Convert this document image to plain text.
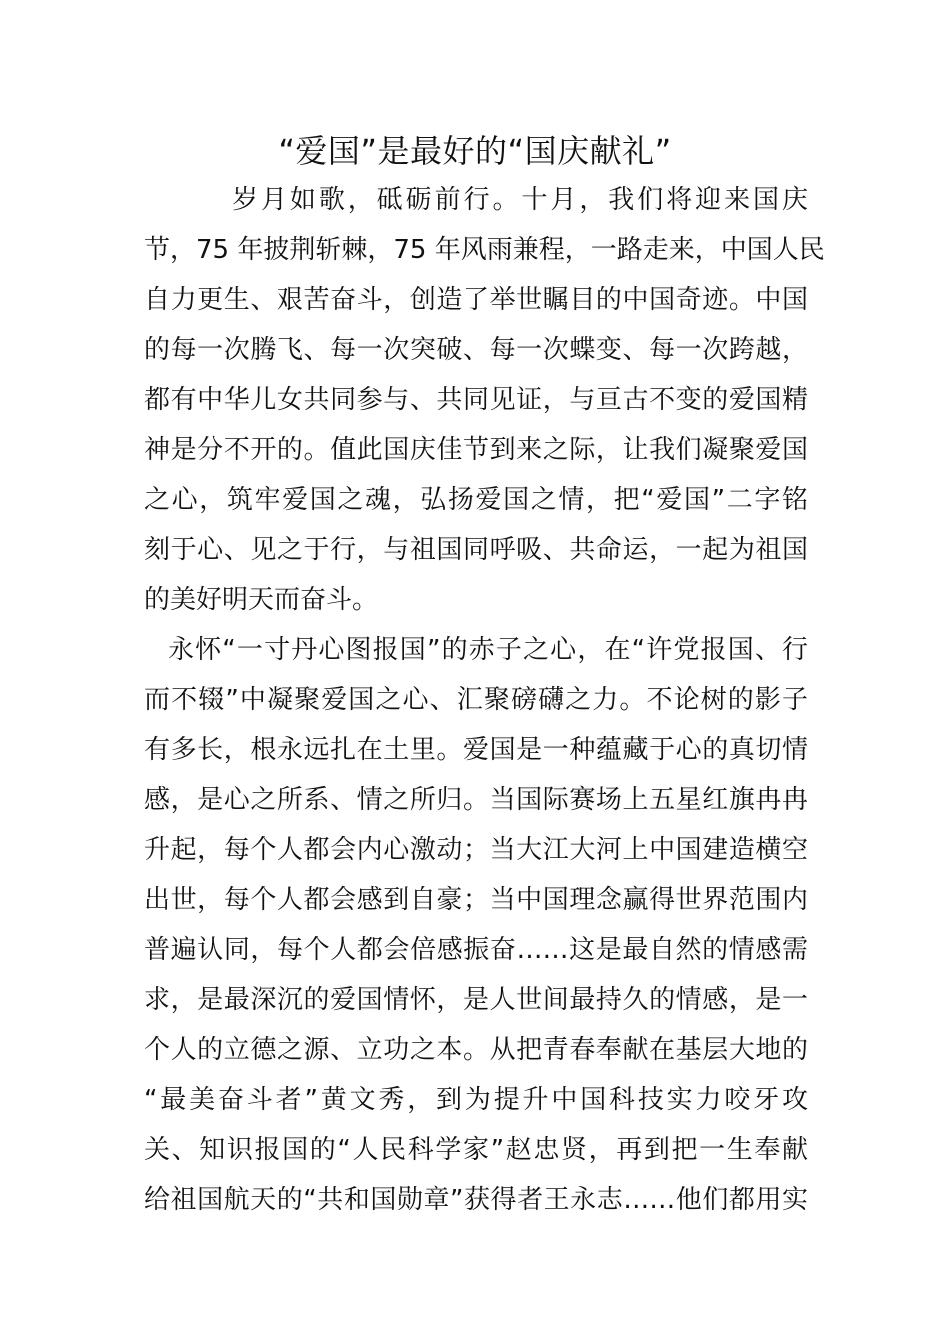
“爱国”是最好的“国庆献礼”
岁月如歌，砥砺前行。十月，我们将迎来国庆
节，75 年披荆斩棘，75 年风雨兼程，一路走来，中国人民
自力更生、艰苦奋斗，创造了举世瞩目的中国奇迹。中国
的每一次腾飞、每一次突破、每一次蝶变、每一次跨越，
都有中华儿女共同参与、共同见证，与亘古不变的爱国精
神是分不开的。值此国庆佳节到来之际，让我们凝聚爱国
之心，筑牢爱国之魂，弘扬爱国之情，把“爱国”二字铭
刻于心、见之于行，与祖国同呼吸、共命运，一起为祖国
的美好明天而奋斗。
永怀“一寸丹心图报国”的赤子之心，在“许党报国、行
而不辍”中凝聚爱国之心、汇聚磅礴之力。不论树的影子
有多长，根永远扎在土里。爱国是一种蕴藏于心的真切情
感，是心之所系、情之所归。当国际赛场上五星红旗冉冉
升起，每个人都会内心激动；当大江大河上中国建造横空
出世，每个人都会感到自豪；当中国理念赢得世界范围内
普遍认同，每个人都会倍感振奋……这是最自然的情感需
求，是最深沉的爱国情怀，是人世间最持久的情感，是一
个人的立德之源、立功之本。从把青春奉献在基层大地的
“最美奋斗者”黄文秀，到为提升中国科技实力咬牙攻
关、知识报国的“人民科学家”赵忠贤，再到把一生奉献
给祖国航天的“共和国勋章”获得者王永志……他们都用实
